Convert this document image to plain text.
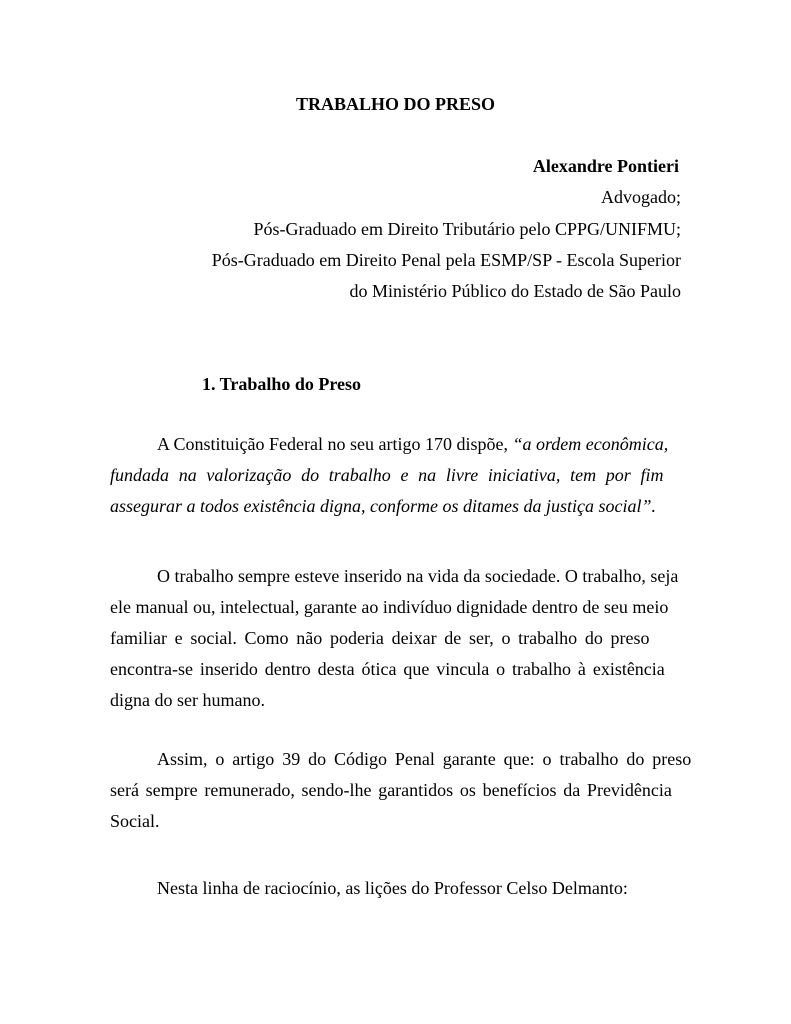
TRABALHO DO PRESO
Alexandre Pontieri
Advogado;
Pós-Graduado em Direito Tributário pelo CPPG/UNIFMU;
Pós-Graduado em Direito Penal pela ESMP/SP - Escola Superior
do Ministério Público do Estado de São Paulo
1. Trabalho do Preso
A Constituição Federal no seu artigo 170 dispõe, “a ordem econômica,
fundada na valorização do trabalho e na livre iniciativa, tem por fim
assegurar a todos existência digna, conforme os ditames da justiça social”.
O trabalho sempre esteve inserido na vida da sociedade. O trabalho, seja
ele manual ou, intelectual, garante ao indivíduo dignidade dentro de seu meio
familiar e social. Como não poderia deixar de ser, o trabalho do preso
encontra-se inserido dentro desta ótica que vincula o trabalho à existência
digna do ser humano.
Assim, o artigo 39 do Código Penal garante que: o trabalho do preso
será sempre remunerado, sendo-lhe garantidos os benefícios da Previdência
Social.
Nesta linha de raciocínio, as lições do Professor Celso Delmanto:
